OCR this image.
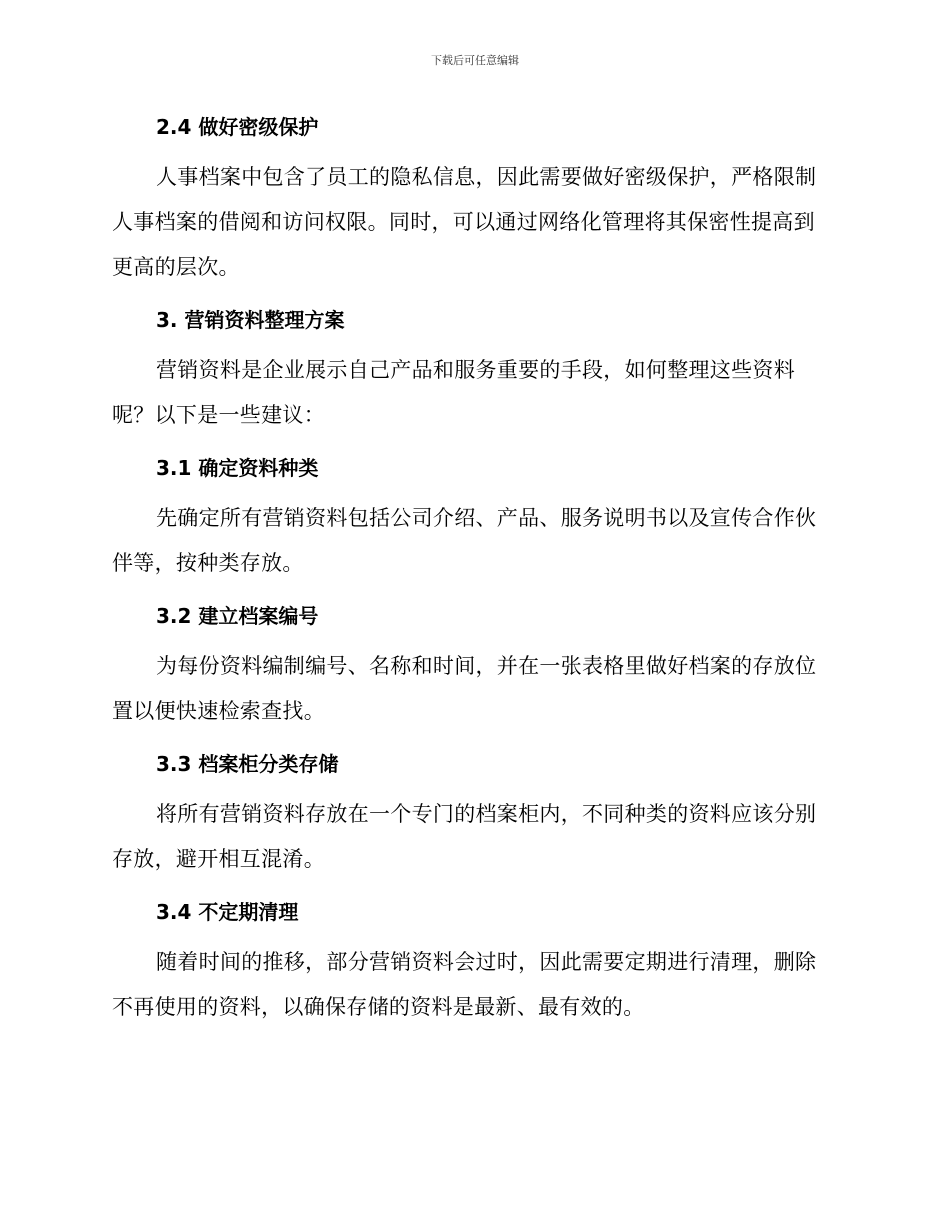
下载后可任意编辑
2.4 做好密级保护

人事档案中包含了员工的隐私信息，因此需要做好密级保护，严格限制人事档案的借阅和访问权限。同时，可以通过网络化管理将其保密性提高到更高的层次。

3. 营销资料整理方案

营销资料是企业展示自己产品和服务重要的手段，如何整理这些资料呢？以下是一些建议：

3.1 确定资料种类

先确定所有营销资料包括公司介绍、产品、服务说明书以及宣传合作伙伴等，按种类存放。

3.2 建立档案编号

为每份资料编制编号、名称和时间，并在一张表格里做好档案的存放位置以便快速检索查找。

3.3 档案柜分类存储

将所有营销资料存放在一个专门的档案柜内，不同种类的资料应该分别存放，避开相互混淆。

3.4 不定期清理

随着时间的推移，部分营销资料会过时，因此需要定期进行清理，删除不再使用的资料，以确保存储的资料是最新、最有效的。
